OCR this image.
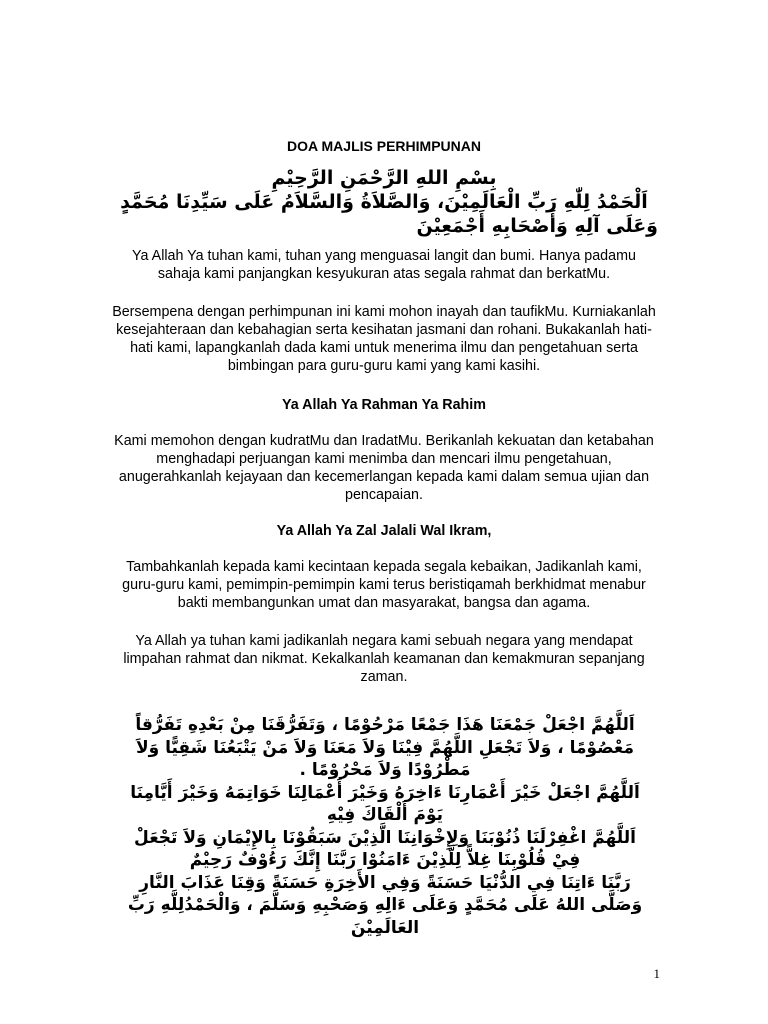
DOA MAJLIS PERHIMPUNAN
بِسْمِ اللهِ الرَّحْمَنِ الرَّحِيْمِ
اَلْحَمْدُ لِلّٰهِ رَبِّ الْعَالَمِيْنَ، وَالصَّلاَةُ وَالسَّلاَمُ عَلَى سَيِّدِنَا مُحَمَّدٍ
وَعَلَى آلِهِ وَأَصْحَابِهِ أَجْمَعِيْنَ
Ya Allah Ya tuhan kami, tuhan yang menguasai langit dan bumi. Hanya padamu sahaja kami panjangkan kesyukuran atas segala rahmat dan berkatMu.
Bersempena dengan perhimpunan ini kami mohon inayah dan taufikMu. Kurniakanlah kesejahteraan dan kebahagian serta kesihatan jasmani dan rohani. Bukakanlah hati-hati kami, lapangkanlah dada kami untuk menerima ilmu dan pengetahuan serta bimbingan para guru-guru kami yang kami kasihi.
Ya Allah Ya Rahman Ya Rahim
Kami memohon dengan kudratMu dan IradatMu. Berikanlah kekuatan dan ketabahan menghadapi perjuangan kami menimba dan mencari ilmu pengetahuan, anugerahkanlah kejayaan dan kecemerlangan kepada kami dalam semua ujian dan pencapaian.
Ya Allah Ya Zal Jalali Wal Ikram,
Tambahkanlah kepada kami kecintaan kepada segala kebaikan, Jadikanlah kami, guru-guru kami, pemimpin-pemimpin kami terus beristiqamah berkhidmat menabur bakti membangunkan umat dan masyarakat, bangsa dan agama.
Ya Allah ya tuhan kami jadikanlah negara kami sebuah negara yang mendapat limpahan rahmat dan nikmat. Kekalkanlah keamanan dan kemakmuran sepanjang zaman.
اَللَّهُمَّ اجْعَلْ جَمْعَنَا هَذَا جَمْعًا مَرْحُوْمًا ، وَتَفَرُّقَنَا مِنْ بَعْدِهِ تَفَرُّقاً
مَعْصُوْمًا ، وَلاَ تَجْعَلِ اللَّهُمَّ فِيْنَا وَلاَ مَعَنَا وَلاَ مَنْ يَتْبَعُنَا شَقِيًّا وَلاَ
مَطْرُوْدًا وَلاَ مَحْرُوْمًا .
اَللَّهُمَّ اجْعَلْ خَيْرَ أَعْمَارِنَا ءَاخِرَهُ وَخَيْرَ أَعْمَالِنَا خَوَاتِمَهُ وَخَيْرَ أَيَّامِنَا
يَوْمَ أَلْقَاكَ فِيْهِ
اَللَّهُمَّ اغْفِرْلَنَا ذُنُوْبَنَا وَلِإِخْوَانِنَا الَّذِيْنَ سَبَقُوْنَا بِالإِيْمَانِ وَلاَ تَجْعَلْ
فِيْ قُلُوْبِنَا غِلاًّ لِلَّذِيْنَ ءَامَنُوْا رَبَّنَا إِنَّكَ رَءُوْفٌ رَحِيْمٌ
رَبَّنَا ءَاتِنَا فِي الدُّنْيَا حَسَنَةً وَفِي الأَخِرَةِ حَسَنَةً وَقِنَا عَذَابَ النَّارِ
وَصَلَّى اللهُ عَلَى مُحَمَّدٍ وَعَلَى ءَالِهِ وَصَحْبِهِ وَسَلَّمَ ، وَالْحَمْدُلِلَّهِ رَبِّ
العَالَمِيْنَ
1
